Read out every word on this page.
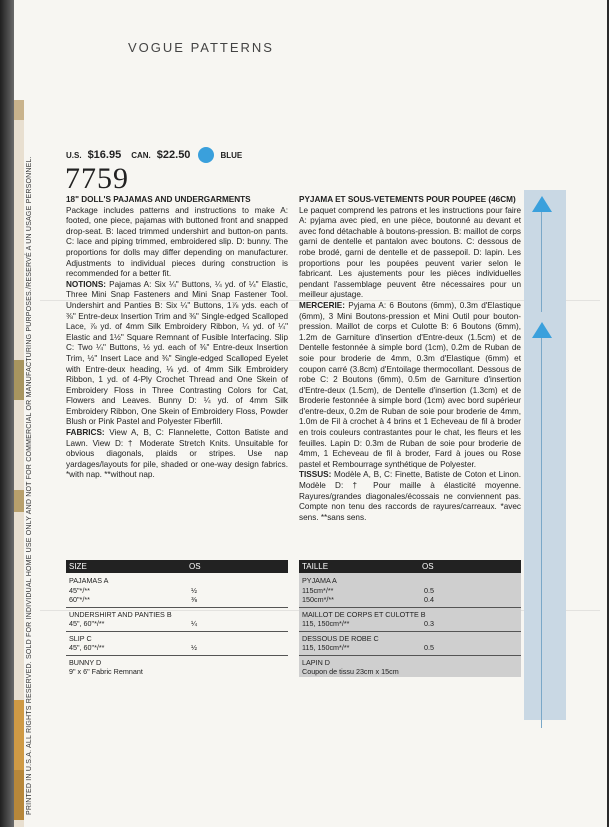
U.S. $16.95 CAN. $22.50	BLUE
7759
PRINTED IN U.S.A. ALL RIGHTS RESERVED. SOLD FOR INDIVIDUAL HOME USE ONLY AND NOT FOR COMMERCIAL OR MANUFACTURING PURPOSES./RESERVÉ A UN USAGE PERSONNEL.	18" DOLL'S PAJAMAS AND UNDERGARMENTS

Package includes patterns and instructions to make A: footed, one piece, pajamas with buttoned front and snapped drop-seat. B: laced trimmed undershirt and button-on pants. C: lace and piping trimmed, embroidered slip. D: bunny. The proportions for dolls may differ depending on manufacturer. Adjustments to individual pieces during construction is recommended for a better fit.

NOTIONS: Pajamas A: Six ¼" Buttons, ¼ yd. of ¼" Elastic, Three Mini Snap Fasteners and Mini Snap Fastener Tool. Undershirt and Panties B: Six ¼" Buttons, 1⅞ yds. each of ⅜" Entre-deux Insertion Trim and ⅜" Single-edged Scalloped Lace, ⅞ yd. of 4mm Silk Embroidery Ribbon, ¼ yd. of ¼" Elastic and 1½" Square Remnant of Fusible Interfacing. Slip C: Two ¼" Buttons, ½ yd. each of ⅜" Entre-deux Insertion Trim, ½" Insert Lace and ⅜" Single-edged Scalloped Eyelet with Entre-deux heading, ⅛ yd. of 4mm Silk Embroidery Ribbon, 1 yd. of 4-Ply Crochet Thread and One Skein of Embroidery Floss in Three Contrasting Colors for Cat, Flowers and Leaves. Bunny D: ¼ yd. of 4mm Silk Embroidery Ribbon, One Skein of Embroidery Floss, Powder Blush or Pink Pastel and Polyester Fiberfill.

FABRICS: View A, B, C: Flannelette, Cotton Batiste and Lawn. View D: † Moderate Stretch Knits. Unsuitable for obvious diagonals, plaids or stripes. Use nap yardages/layouts for pile, shaded or one-way design fabrics. *with nap. **without nap.

PYJAMA ET SOUS-VETEMENTS POUR POUPEE (46CM)

Le paquet comprend les patrons et les instructions pour faire A: pyjama avec pied, en une pièce, boutonné au devant et avec fond détachable à boutons-pression. B: maillot de corps garni de dentelle et pantalon avec boutons. C: dessous de robe brodé, garni de dentelle et de passepoil. D: lapin. Les proportions pour les poupées peuvent varier selon le fabricant. Les ajustements pour les pièces individuelles pendant l'assemblage peuvent être nécessaires pour un meilleur ajustage.

MERCERIE: Pyjama A: 6 Boutons (6mm), 0.3m d'Elastique (6mm), 3 Mini Boutons-pression et Mini Outil pour bouton-pression. Maillot de corps et Culotte B: 6 Boutons (6mm), 1.2m de Garniture d'insertion d'Entre-deux (1.5cm) et de Dentelle festonnée à simple bord (1cm), 0.2m de Ruban de soie pour broderie de 4mm, 0.3m d'Elastique (6mm) et coupon carré (3.8cm) d'Entoilage thermocollant. Dessous de robe C: 2 Boutons (6mm), 0.5m de Garniture d'insertion d'Entre-deux (1.5cm), de Dentelle d'insertion (1.3cm) et de Broderie festonnée à simple bord (1cm) avec bord supérieur d'entre-deux, 0.2m de Ruban de soie pour broderie de 4mm, 1.0m de Fil à crochet à 4 brins et 1 Echeveau de fil à broder en trois couleurs contrastantes pour le chat, les fleurs et les feuilles. Lapin D: 0.3m de Ruban de soie pour broderie de 4mm, 1 Echeveau de fil à broder, Fard à joues ou Rose pastel et Rembourrage synthétique de Polyester.

TISSUS: Modèle A, B, C: Finette, Batiste de Coton et Linon. Modèle D: † Pour maille à élasticité moyenne. Rayures/grandes diagonales/écossais ne conviennent pas. Compte non tenu des raccords de rayures/carreaux. *avec sens. **sans sens.

SIZE	OS
PAJAMAS A
45"*/**	½
60"*/**	⅜
UNDERSHIRT AND PANTIES B
45", 60"*/**	¼
SLIP C
45", 60"*/**	½
BUNNY D
9" x 6" Fabric Remnant
TAILLE	OS
PYJAMA A
115cm*/**	0.5
150cm*/**	0.4
MAILLOT DE CORPS ET CULOTTE B
115, 150cm*/**	0.3
DESSOUS DE ROBE C
115, 150cm*/**	0.5
LAPIN D
Coupon de tissu 23cm x 15cm
